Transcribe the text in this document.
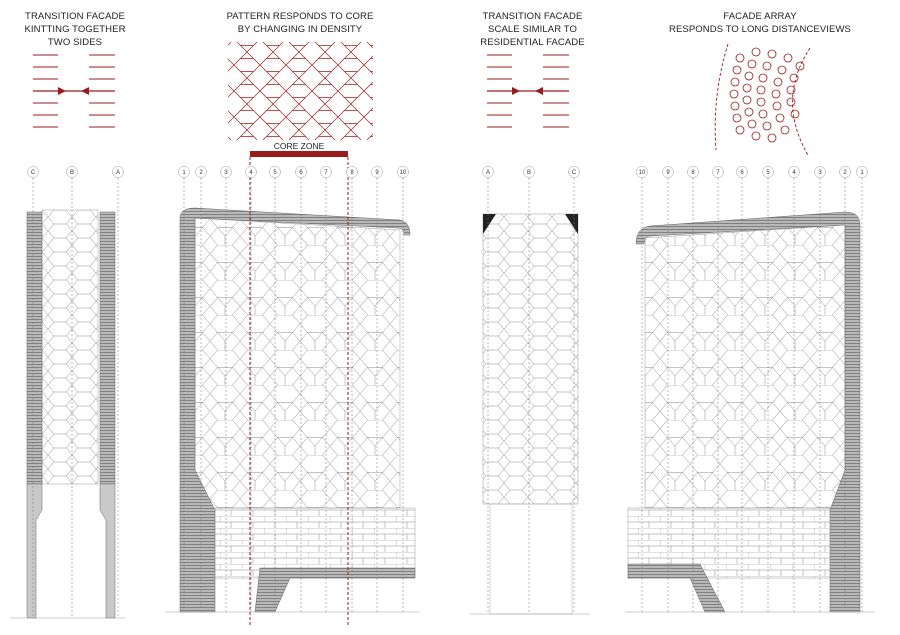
TRANSITION FACADE
KINTTING TOGETHER
TWO SIDES
PATTERN RESPONDS TO CORE
BY CHANGING IN DENSITY
TRANSITION FACADE
SCALE SIMILAR TO
RESIDENTIAL FACADE
FACADE ARRAY
RESPONDS TO LONG DISTANCEVIEWS
CORE ZONE
C	B	A	1 2	3	4	5	6	7	8	9	10	A	B	C	10	9	8	7	6	5	4	3	2 1
